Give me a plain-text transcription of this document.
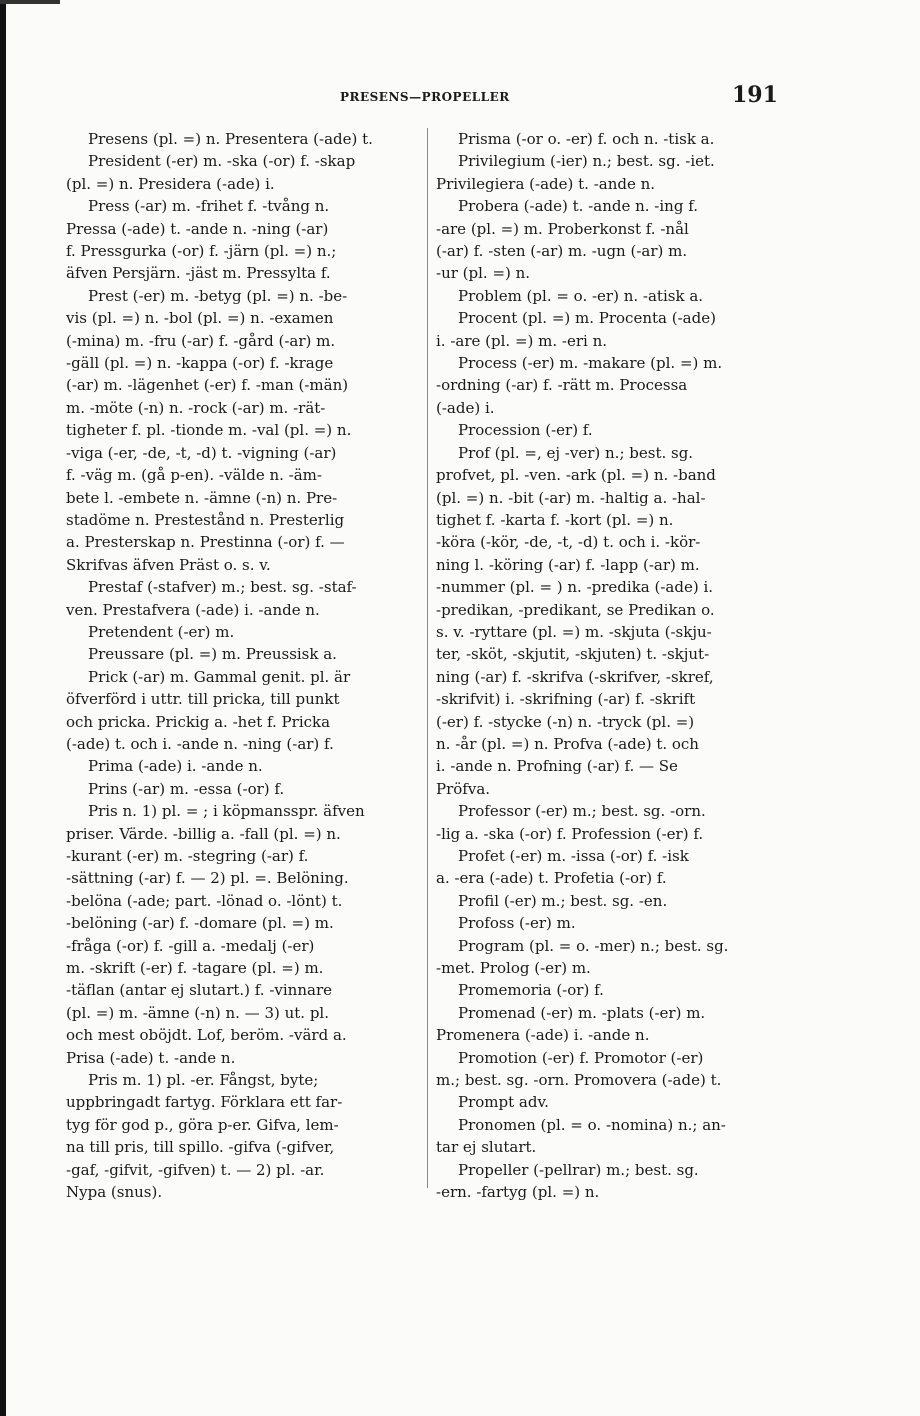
PRESENS—PROPELLER	191
Presens (pl. =) n. Presentera (-ade) t.
President (-er) m. -ska (-or) f. -skap
(pl. =) n. Presidera (-ade) i.
Press (-ar) m. -frihet f. -tvång n.
Pressa (-ade) t. -ande n. -ning (-ar)
f. Pressgurka (-or) f. -järn (pl. =) n.;
äfven Persjärn. -jäst m. Pressylta f.
Prest (-er) m. -betyg (pl. =) n. -be-
vis (pl. =) n. -bol (pl. =) n. -examen
(-mina) m. -fru (-ar) f. -gård (-ar) m.
-gäll (pl. =) n. -kappa (-or) f. -krage
(-ar) m. -lägenhet (-er) f. -man (-män)
m. -möte (-n) n. -rock (-ar) m. -rät-
tigheter f. pl. -tionde m. -val (pl. =) n.
-viga (-er, -de, -t, -d) t. -vigning (-ar)
f. -väg m. (gå p-en). -välde n. -äm-
bete l. -embete n. -ämne (-n) n. Pre-
stadöme n. Prestestånd n. Presterlig
a. Presterskap n. Prestinna (-or) f. —
Skrifvas äfven Präst o. s. v.
Prestaf (-stafver) m.; best. sg. -staf-
ven. Prestafvera (-ade) i. -ande n.
Pretendent (-er) m.
Preussare (pl. =) m. Preussisk a.
Prick (-ar) m. Gammal genit. pl. är
öfverförd i uttr. till pricka, till punkt
och pricka. Prickig a. -het f. Pricka
(-ade) t. och i. -ande n. -ning (-ar) f.
Prima (-ade) i. -ande n.
Prins (-ar) m. -essa (-or) f.
Pris n. 1) pl. = ; i köpmansspr. äfven
priser. Värde. -billig a. -fall (pl. =) n.
-kurant (-er) m. -stegring (-ar) f.
-sättning (-ar) f. — 2) pl. =. Belöning.
-belöna (-ade; part. -lönad o. -lönt) t.
-belöning (-ar) f. -domare (pl. =) m.
-fråga (-or) f. -gill a. -medalj (-er)
m. -skrift (-er) f. -tagare (pl. =) m.
-täflan (antar ej slutart.) f. -vinnare
(pl. =) m. -ämne (-n) n. — 3) ut. pl.
och mest oböjdt. Lof, beröm. -värd a.
Prisa (-ade) t. -ande n.
Pris m. 1) pl. -er. Fångst, byte;
uppbringadt fartyg. Förklara ett far-
tyg för god p., göra p-er. Gifva, lem-
na till pris, till spillo. -gifva (-gifver,
-gaf, -gifvit, -gifven) t. — 2) pl. -ar.
Nypa (snus).
Prisma (-or o. -er) f. och n. -tisk a.
Privilegium (-ier) n.; best. sg. -iet.
Privilegiera (-ade) t. -ande n.
Probera (-ade) t. -ande n. -ing f.
-are (pl. =) m. Proberkonst f. -nål
(-ar) f. -sten (-ar) m. -ugn (-ar) m.
-ur (pl. =) n.
Problem (pl. = o. -er) n. -atisk a.
Procent (pl. =) m. Procenta (-ade)
i. -are (pl. =) m. -eri n.
Process (-er) m. -makare (pl. =) m.
-ordning (-ar) f. -rätt m. Processa
(-ade) i.
Procession (-er) f.
Prof (pl. =, ej -ver) n.; best. sg.
profvet, pl. -ven. -ark (pl. =) n. -band
(pl. =) n. -bit (-ar) m. -haltig a. -hal-
tighet f. -karta f. -kort (pl. =) n.
-köra (-kör, -de, -t, -d) t. och i. -kör-
ning l. -köring (-ar) f. -lapp (-ar) m.
-nummer (pl. = ) n. -predika (-ade) i.
-predikan, -predikant, se Predikan o.
s. v. -ryttare (pl. =) m. -skjuta (-skju-
ter, -sköt, -skjutit, -skjuten) t. -skjut-
ning (-ar) f. -skrifva (-skrifver, -skref,
-skrifvit) i. -skrifning (-ar) f. -skrift
(-er) f. -stycke (-n) n. -tryck (pl. =)
n. -år (pl. =) n. Profva (-ade) t. och
i. -ande n. Profning (-ar) f. — Se
Pröfva.
Professor (-er) m.; best. sg. -orn.
-lig a. -ska (-or) f. Profession (-er) f.
Profet (-er) m. -issa (-or) f. -isk
a. -era (-ade) t. Profetia (-or) f.
Profil (-er) m.; best. sg. -en.
Profoss (-er) m.
Program (pl. = o. -mer) n.; best. sg.
-met. Prolog (-er) m.
Promemoria (-or) f.
Promenad (-er) m. -plats (-er) m.
Promenera (-ade) i. -ande n.
Promotion (-er) f. Promotor (-er)
m.; best. sg. -orn. Promovera (-ade) t.
Prompt adv.
Pronomen (pl. = o. -nomina) n.; an-
tar ej slutart.
Propeller (-pellrar) m.; best. sg.
-ern. -fartyg (pl. =) n.
